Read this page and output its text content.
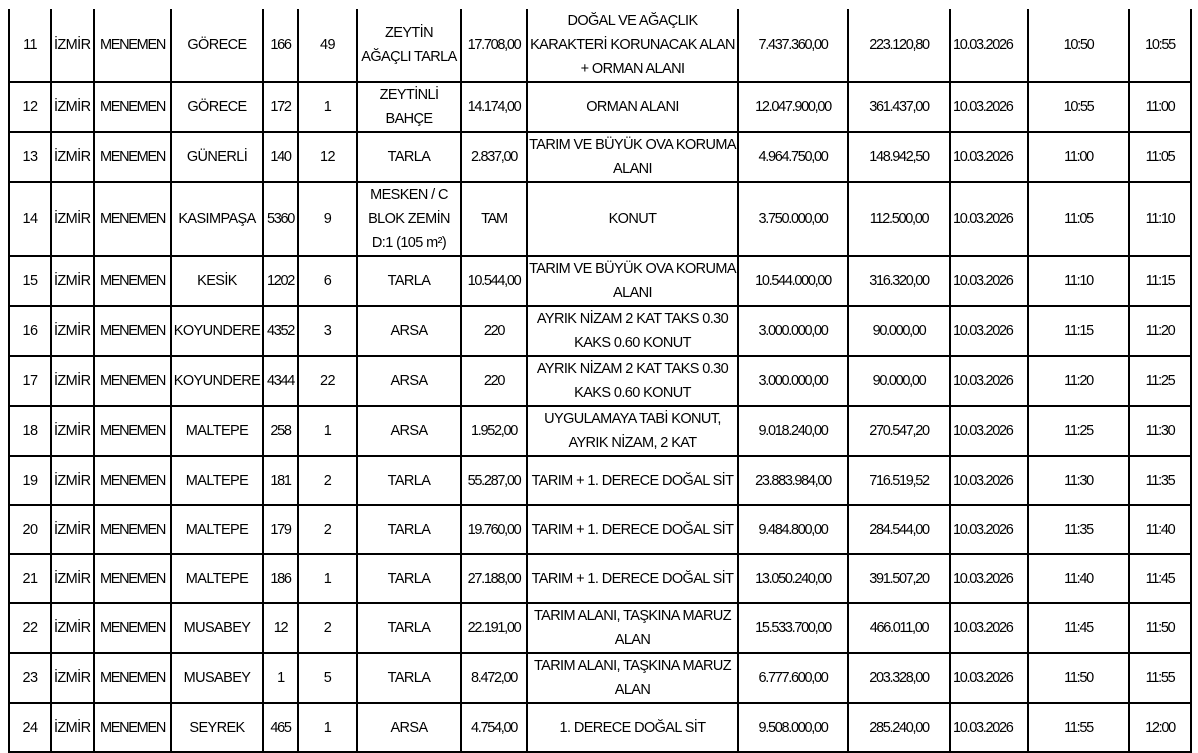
11	İZMİR	MENEMEN	GÖRECE	166	49	ZEYTİN AĞAÇLI TARLA	17.708,00	DOĞAL VE AĞAÇLIK KARAKTERİ KORUNACAK ALAN + ORMAN ALANI	7.437.360,00	223.120,80	10.03.2026	10:50	10:55
12	İZMİR	MENEMEN	GÖRECE	172	1	ZEYTİNLİ BAHÇE	14.174,00	ORMAN ALANI	12.047.900,00	361.437,00	10.03.2026	10:55	11:00
13	İZMİR	MENEMEN	GÜNERLİ	140	12	TARLA	2.837,00	TARIM VE BÜYÜK OVA KORUMA ALANI	4.964.750,00	148.942,50	10.03.2026	11:00	11:05
14	İZMİR	MENEMEN	KASIMPAŞA	5360	9	MESKEN / C BLOK ZEMİN D:1 (105 m²)	TAM	KONUT	3.750.000,00	112.500,00	10.03.2026	11:05	11:10
15	İZMİR	MENEMEN	KESİK	1202	6	TARLA	10.544,00	TARIM VE BÜYÜK OVA KORUMA ALANI	10.544.000,00	316.320,00	10.03.2026	11:10	11:15
16	İZMİR	MENEMEN	KOYUNDERE	4352	3	ARSA	220	AYRIK NİZAM 2 KAT TAKS 0.30 KAKS 0.60 KONUT	3.000.000,00	90.000,00	10.03.2026	11:15	11:20
17	İZMİR	MENEMEN	KOYUNDERE	4344	22	ARSA	220	AYRIK NİZAM 2 KAT TAKS 0.30 KAKS 0.60 KONUT	3.000.000,00	90.000,00	10.03.2026	11:20	11:25
18	İZMİR	MENEMEN	MALTEPE	258	1	ARSA	1.952,00	UYGULAMAYA TABİ KONUT, AYRIK NİZAM, 2 KAT	9.018.240,00	270.547,20	10.03.2026	11:25	11:30
19	İZMİR	MENEMEN	MALTEPE	181	2	TARLA	55.287,00	TARIM + 1. DERECE DOĞAL SİT	23.883.984,00	716.519,52	10.03.2026	11:30	11:35
20	İZMİR	MENEMEN	MALTEPE	179	2	TARLA	19.760,00	TARIM + 1. DERECE DOĞAL SİT	9.484.800,00	284.544,00	10.03.2026	11:35	11:40
21	İZMİR	MENEMEN	MALTEPE	186	1	TARLA	27.188,00	TARIM + 1. DERECE DOĞAL SİT	13.050.240,00	391.507,20	10.03.2026	11:40	11:45
22	İZMİR	MENEMEN	MUSABEY	12	2	TARLA	22.191,00	TARIM ALANI, TAŞKINA MARUZ ALAN	15.533.700,00	466.011,00	10.03.2026	11:45	11:50
23	İZMİR	MENEMEN	MUSABEY	1	5	TARLA	8.472,00	TARIM ALANI, TAŞKINA MARUZ ALAN	6.777.600,00	203.328,00	10.03.2026	11:50	11:55
24	İZMİR	MENEMEN	SEYREK	465	1	ARSA	4.754,00	1. DERECE DOĞAL SİT	9.508.000,00	285.240,00	10.03.2026	11:55	12:00
